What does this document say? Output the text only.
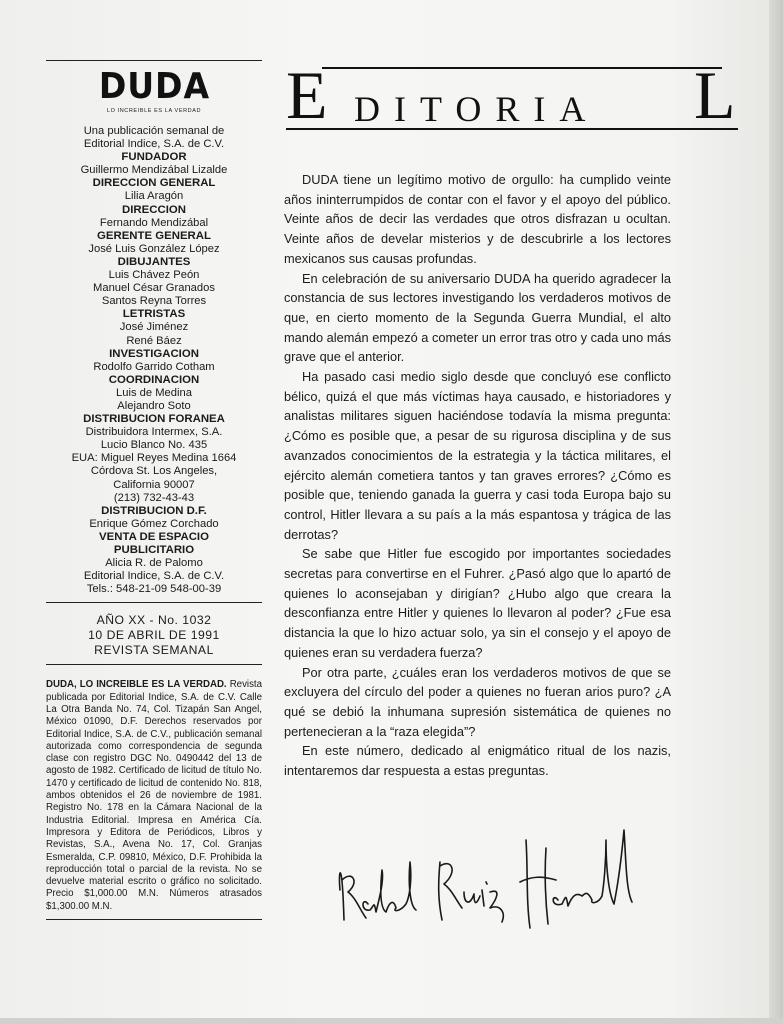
DUDA
LO INCREIBLE ES LA VERDAD
Una publicación semanal de
Editorial Indice, S.A. de C.V.
FUNDADOR
Guillermo Mendizábal Lizalde
DIRECCION GENERAL
Lilia Aragón
DIRECCION
Fernando Mendizábal
GERENTE GENERAL
José Luis González López
DIBUJANTES
Luis Chávez Peón
Manuel César Granados
Santos Reyna Torres
LETRISTAS
José Jiménez
René Báez
INVESTIGACION
Rodolfo Garrido Cotham
COORDINACION
Luis de Medina
Alejandro Soto
DISTRIBUCION FORANEA
Distribuidora Intermex, S.A.
Lucio Blanco No. 435
EUA: Miguel Reyes Medina 1664
Córdova St. Los Angeles,
California 90007
(213) 732-43-43
DISTRIBUCION D.F.
Enrique Gómez Corchado
VENTA DE ESPACIO
PUBLICITARIO
Alicia R. de Palomo
Editorial Indice, S.A. de C.V.
Tels.: 548-21-09 548-00-39
AÑO XX - No. 1032
10 DE ABRIL DE 1991
REVISTA SEMANAL
DUDA, LO INCREIBLE ES LA VERDAD. Revista publicada por Editorial Indice, S.A. de C.V. Calle La Otra Banda No. 74, Col. Tizapán San Angel, México 01090, D.F. Derechos reservados por Editorial Indice, S.A. de C.V., publicación semanal autorizada como correspondencia de segunda clase con registro DGC No. 0490442 del 13 de agosto de 1982. Certificado de licitud de título No. 1470 y certificado de licitud de contenido No. 818, ambos obtenidos el 26 de noviembre de 1981. Registro No. 178 en la Cámara Nacional de la Industria Editorial. Impresa en América Cía. Impresora y Editora de Periódicos, Libros y Revistas, S.A., Avena No. 17, Col. Granjas Esmeralda, C.P. 09810, México, D.F. Prohibida la reproducción total o parcial de la revista. No se devuelve material escrito o gráfico no solicitado. Precio $1,000.00 M.N. Números atrasados $1,300.00 M.N.
E DITORIA L

DUDA tiene un legítimo motivo de orgullo: ha cumplido veinte años ininterrumpidos de contar con el favor y el apoyo del público. Veinte años de decir las verdades que otros disfrazan u ocultan. Veinte años de develar misterios y de descubrirle a los lectores mexicanos sus causas profundas.

En celebración de su aniversario DUDA ha querido agradecer la constancia de sus lectores investigando los verdaderos motivos de que, en cierto momento de la Segunda Guerra Mundial, el alto mando alemán empezó a cometer un error tras otro y cada uno más grave que el anterior.

Ha pasado casi medio siglo desde que concluyó ese conflicto bélico, quizá el que más víctimas haya causado, e historiadores y analistas militares siguen haciéndose todavía la misma pregunta: ¿Cómo es posible que, a pesar de su rigurosa disciplina y de sus avanzados conocimientos de la estrategia y la táctica militares, el ejército alemán cometiera tantos y tan graves errores? ¿Cómo es posible que, teniendo ganada la guerra y casi toda Europa bajo su control, Hitler llevara a su país a la más espantosa y trágica de las derrotas?

Se sabe que Hitler fue escogido por importantes sociedades secretas para convertirse en el Fuhrer. ¿Pasó algo que lo apartó de quienes lo aconsejaban y dirigían? ¿Hubo algo que creara la desconfianza entre Hitler y quienes lo llevaron al poder? ¿Fue esa distancia la que lo hizo actuar solo, ya sin el consejo y el apoyo de quienes eran su verdadera fuerza?

Por otra parte, ¿cuáles eran los verdaderos motivos de que se excluyera del círculo del poder a quienes no fueran arios puro? ¿A qué se debió la inhumana supresión sistemática de quienes no pertenecieran a la “raza elegida”?

En este número, dedicado al enigmático ritual de los nazis, intentaremos dar respuesta a estas preguntas.
